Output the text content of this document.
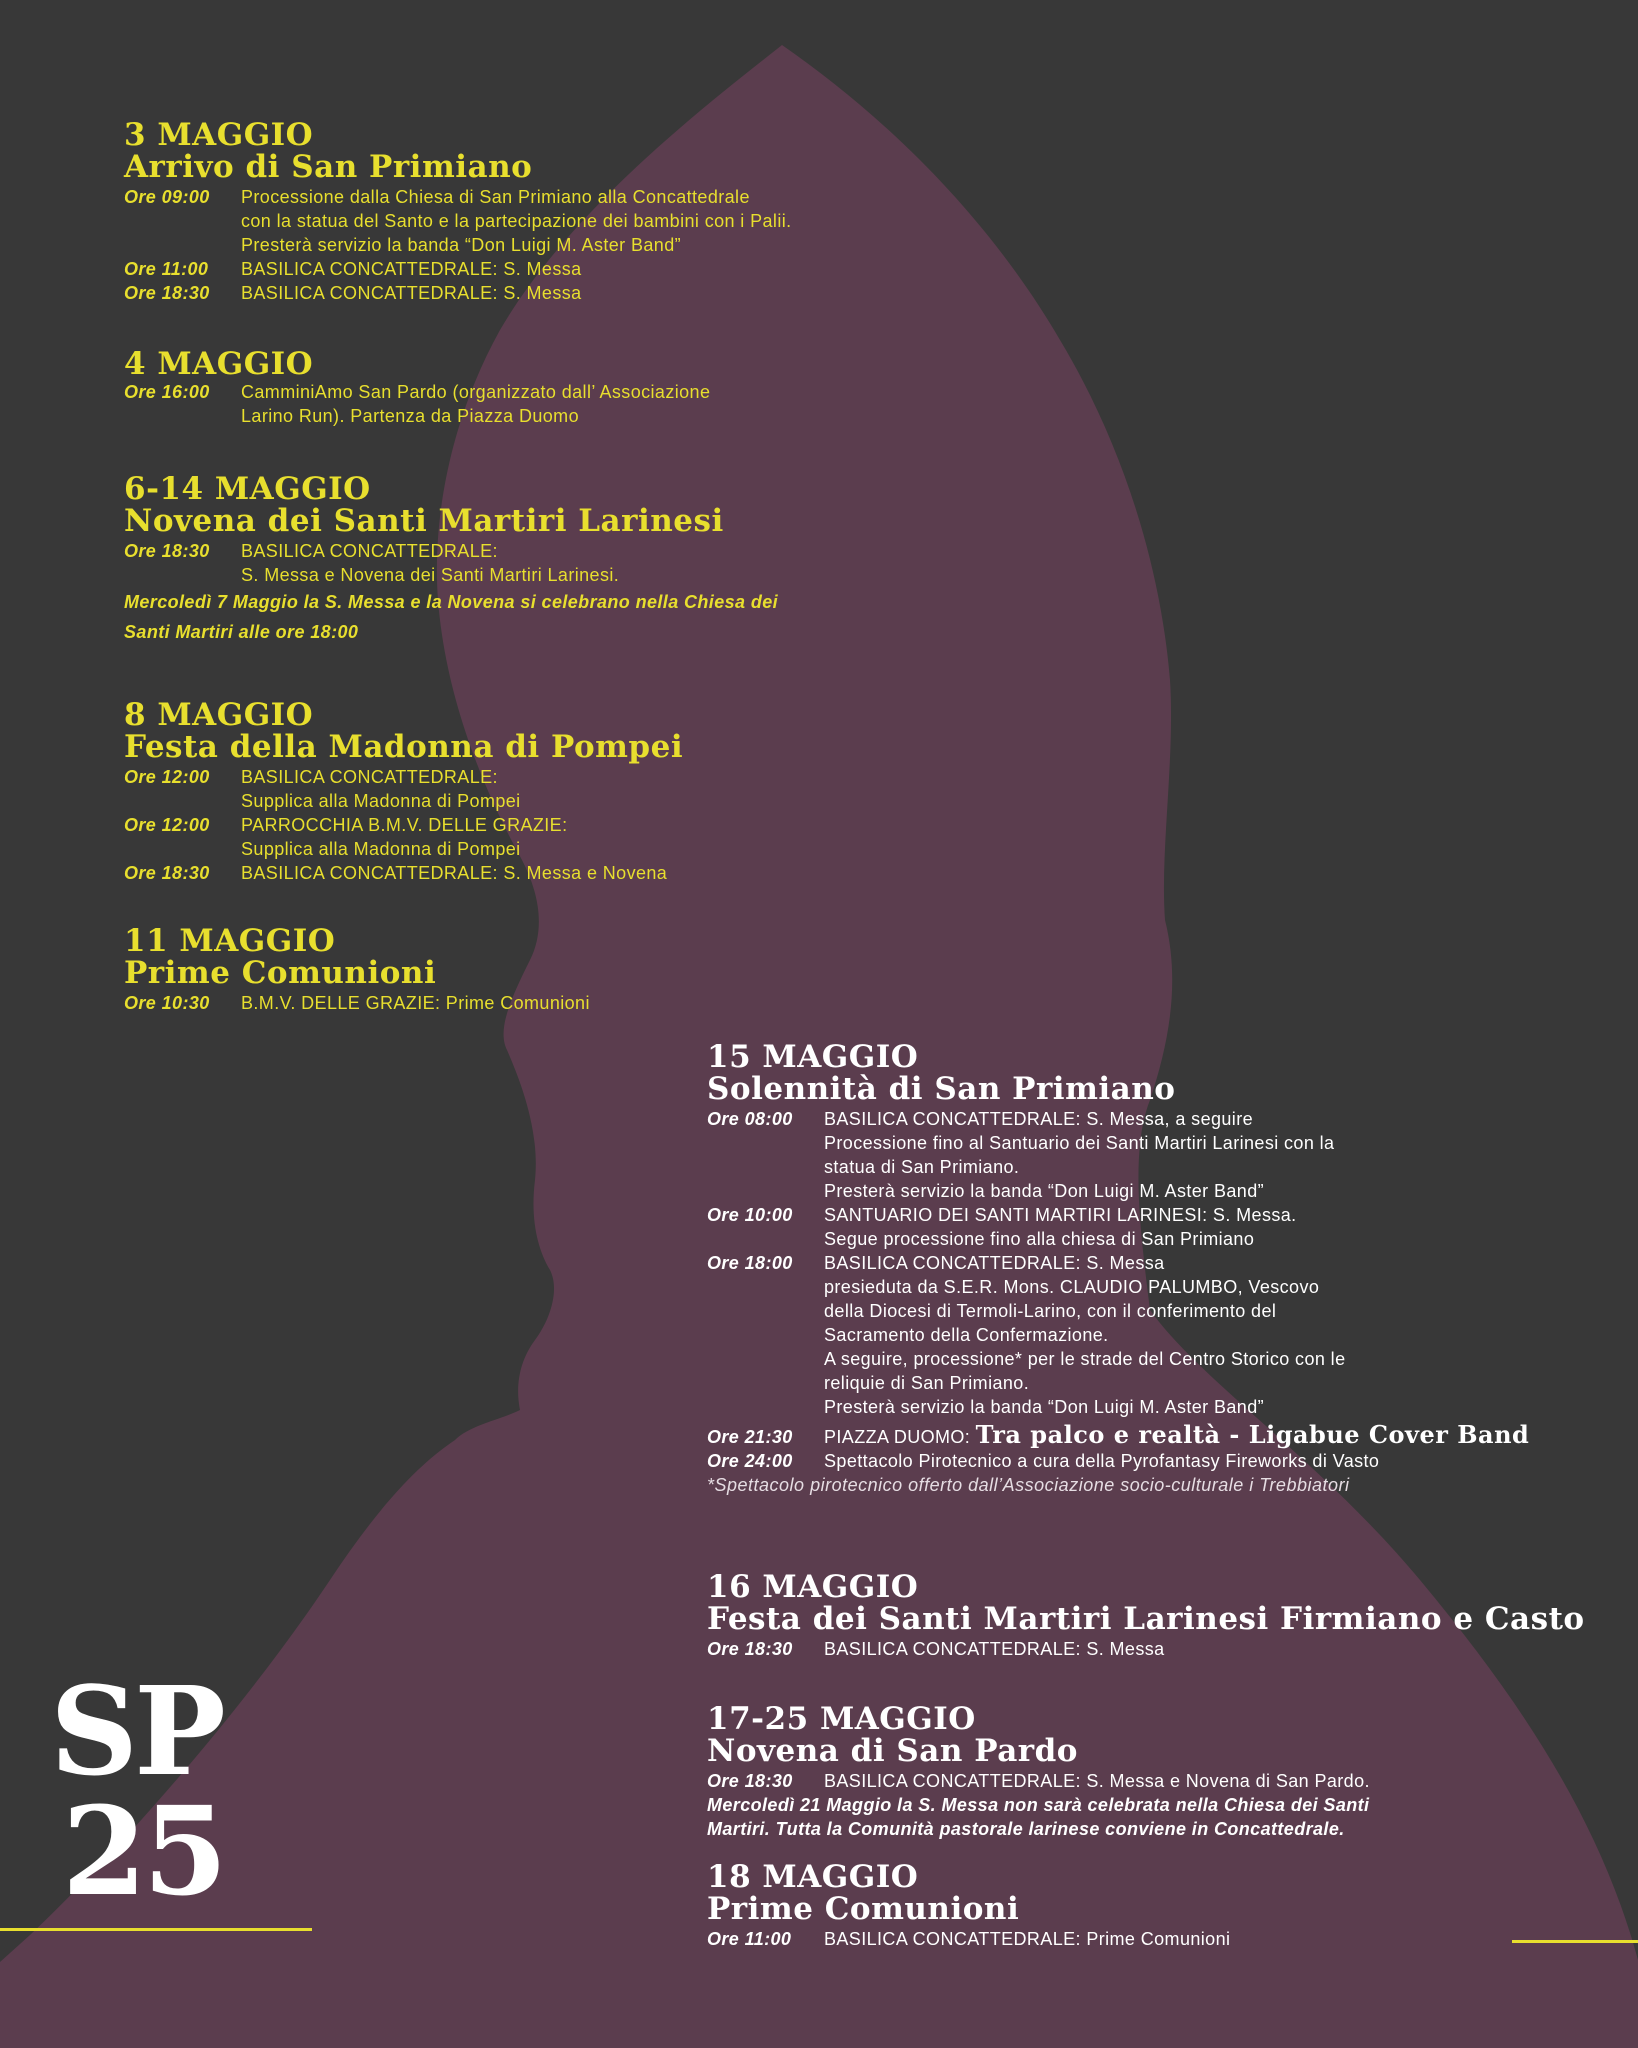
3 MAGGIO
Arrivo di San Primiano
Ore 09:00	Processione dalla Chiesa di San Primiano alla Concattedrale
con la statua del Santo e la partecipazione dei bambini con i Palii.
Presterà servizio la banda “Don Luigi M. Aster Band”
Ore 11:00	BASILICA CONCATTEDRALE: S. Messa
Ore 18:30	BASILICA CONCATTEDRALE: S. Messa
4 MAGGIO
Ore 16:00	CamminiAmo San Pardo (organizzato dall’ Associazione
Larino Run). Partenza da Piazza Duomo
6-14 MAGGIO
Novena dei Santi Martiri Larinesi
Ore 18:30	BASILICA CONCATTEDRALE:
S. Messa e Novena dei Santi Martiri Larinesi.
Mercoledì 7 Maggio la S. Messa e la Novena si celebrano nella Chiesa dei
Santi Martiri alle ore 18:00
8 MAGGIO
Festa della Madonna di Pompei
Ore 12:00	BASILICA CONCATTEDRALE:
Supplica alla Madonna di Pompei
Ore 12:00	PARROCCHIA B.M.V. DELLE GRAZIE:
Supplica alla Madonna di Pompei
Ore 18:30	BASILICA CONCATTEDRALE: S. Messa e Novena
11 MAGGIO
Prime Comunioni
Ore 10:30	B.M.V. DELLE GRAZIE: Prime Comunioni
15 MAGGIO
Solennità di San Primiano
Ore 08:00	BASILICA CONCATTEDRALE: S. Messa, a seguire
Processione fino al Santuario dei Santi Martiri Larinesi con la
statua di San Primiano.
Presterà servizio la banda “Don Luigi M. Aster Band”
Ore 10:00	SANTUARIO DEI SANTI MARTIRI LARINESI: S. Messa.
Segue processione fino alla chiesa di San Primiano
Ore 18:00	BASILICA CONCATTEDRALE: S. Messa
presieduta da S.E.R. Mons. CLAUDIO PALUMBO, Vescovo
della Diocesi di Termoli-Larino, con il conferimento del
Sacramento della Confermazione.
A seguire, processione* per le strade del Centro Storico con le
reliquie di San Primiano.
Presterà servizio la banda “Don Luigi M. Aster Band”
Ore 21:30	PIAZZA DUOMO: Tra palco e realtà - Ligabue Cover Band
Ore 24:00	Spettacolo Pirotecnico a cura della Pyrofantasy Fireworks di Vasto
*Spettacolo pirotecnico offerto dall’Associazione socio-culturale i Trebbiatori
16 MAGGIO
Festa dei Santi Martiri Larinesi Firmiano e Casto
Ore 18:30	BASILICA CONCATTEDRALE: S. Messa
17-25 MAGGIO
Novena di San Pardo
Ore 18:30	BASILICA CONCATTEDRALE: S. Messa e Novena di San Pardo.
Mercoledì 21 Maggio la S. Messa non sarà celebrata nella Chiesa dei Santi
Martiri. Tutta la Comunità pastorale larinese conviene in Concattedrale.
18 MAGGIO
Prime Comunioni
Ore 11:00	BASILICA CONCATTEDRALE: Prime Comunioni
SP
25
